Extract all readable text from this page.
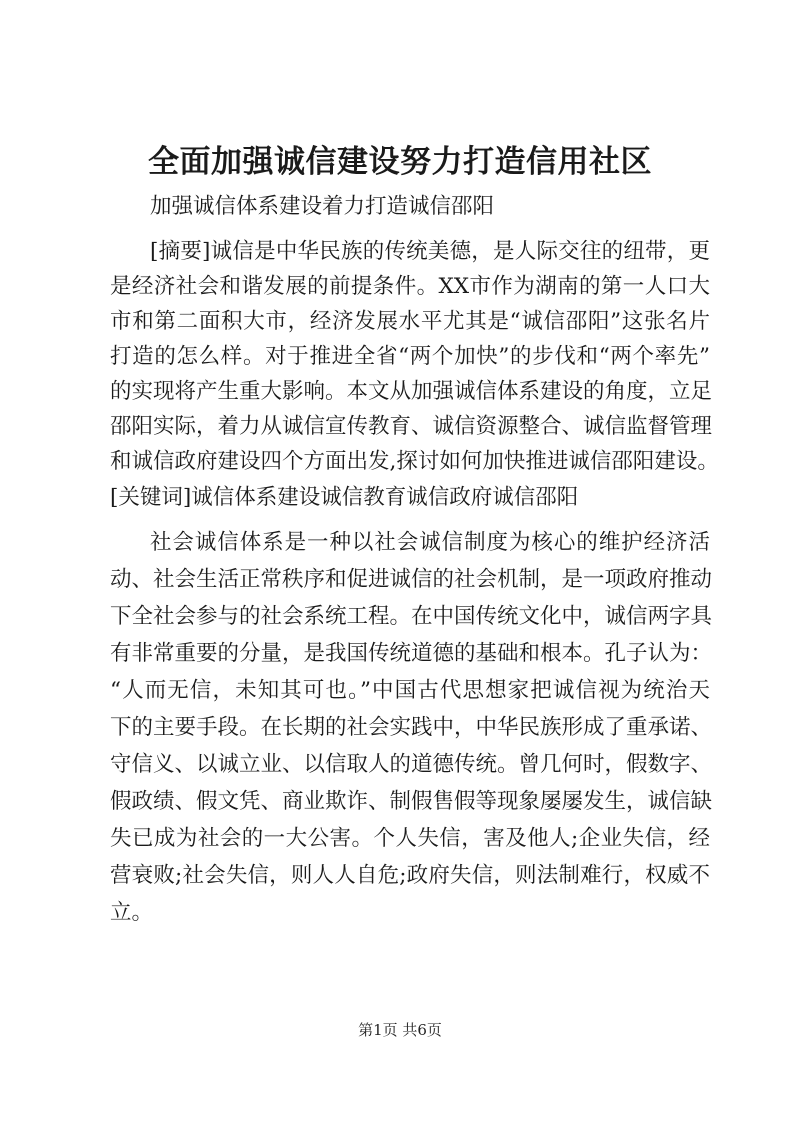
全面加强诚信建设努力打造信用社区
加强诚信体系建设着力打造诚信邵阳
[摘要]诚信是中华民族的传统美德，是人际交往的纽带，更
是经济社会和谐发展的前提条件。XX市作为湖南的第一人口大
市和第二面积大市，经济发展水平尤其是“诚信邵阳”这张名片
打造的怎么样。对于推进全省“两个加快”的步伐和“两个率先”
的实现将产生重大影响。本文从加强诚信体系建设的角度，立足
邵阳实际，着力从诚信宣传教育、诚信资源整合、诚信监督管理
和诚信政府建设四个方面出发,探讨如何加快推进诚信邵阳建设。
[关键词]诚信体系建设诚信教育诚信政府诚信邵阳
社会诚信体系是一种以社会诚信制度为核心的维护经济活
动、社会生活正常秩序和促进诚信的社会机制，是一项政府推动
下全社会参与的社会系统工程。在中国传统文化中，诚信两字具
有非常重要的分量，是我国传统道德的基础和根本。孔子认为：
“人而无信，未知其可也。”中国古代思想家把诚信视为统治天
下的主要手段。在长期的社会实践中，中华民族形成了重承诺、
守信义、以诚立业、以信取人的道德传统。曾几何时，假数字、
假政绩、假文凭、商业欺诈、制假售假等现象屡屡发生，诚信缺
失已成为社会的一大公害。个人失信，害及他人;企业失信，经
营衰败;社会失信，则人人自危;政府失信，则法制难行，权威不
立。
第1页 共6页
